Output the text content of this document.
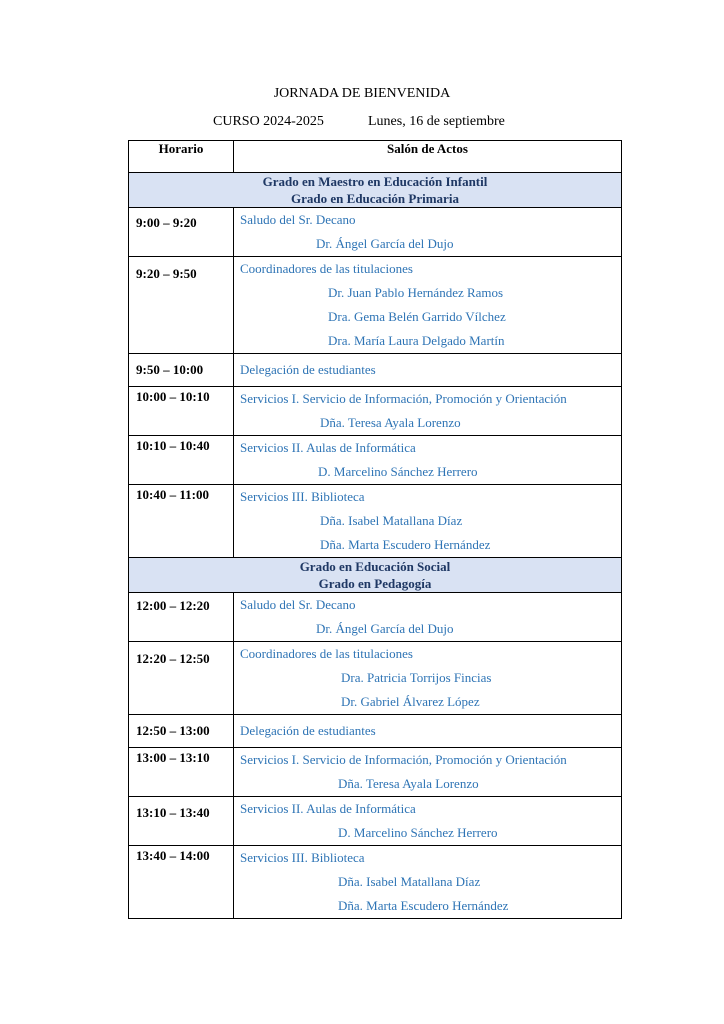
JORNADA DE BIENVENIDA
CURSO 2024-2025	Lunes, 16 de septiembre
Horario	Salón de Actos

Grado en Maestro en Educación Infantil
Grado en Educación Primaria	

9:00 – 9:20	Saludo del Sr. Decano
Dr. Ángel García del Dujo

9:20 – 9:50	Coordinadores de las titulaciones
Dr. Juan Pablo Hernández Ramos
Dra. Gema Belén Garrido Vílchez
Dra. María Laura Delgado Martín

9:50 – 10:00	Delegación de estudiantes

10:00 – 10:10	Servicios I. Servicio de Información, Promoción y Orientación
Dña. Teresa Ayala Lorenzo

10:10 – 10:40	Servicios II. Aulas de Informática
D. Marcelino Sánchez Herrero

10:40 – 11:00	Servicios III. Biblioteca
Dña. Isabel Matallana Díaz
Dña. Marta Escudero Hernández

Grado en Educación Social
Grado en Pedagogía	

12:00 – 12:20	Saludo del Sr. Decano
Dr. Ángel García del Dujo

12:20 – 12:50	Coordinadores de las titulaciones
Dra. Patricia Torrijos Fincias
Dr. Gabriel Álvarez López

12:50 – 13:00	Delegación de estudiantes

13:00 – 13:10	Servicios I. Servicio de Información, Promoción y Orientación
Dña. Teresa Ayala Lorenzo

13:10 – 13:40	Servicios II. Aulas de Informática
D. Marcelino Sánchez Herrero

13:40 – 14:00	Servicios III. Biblioteca
Dña. Isabel Matallana Díaz
Dña. Marta Escudero Hernández
